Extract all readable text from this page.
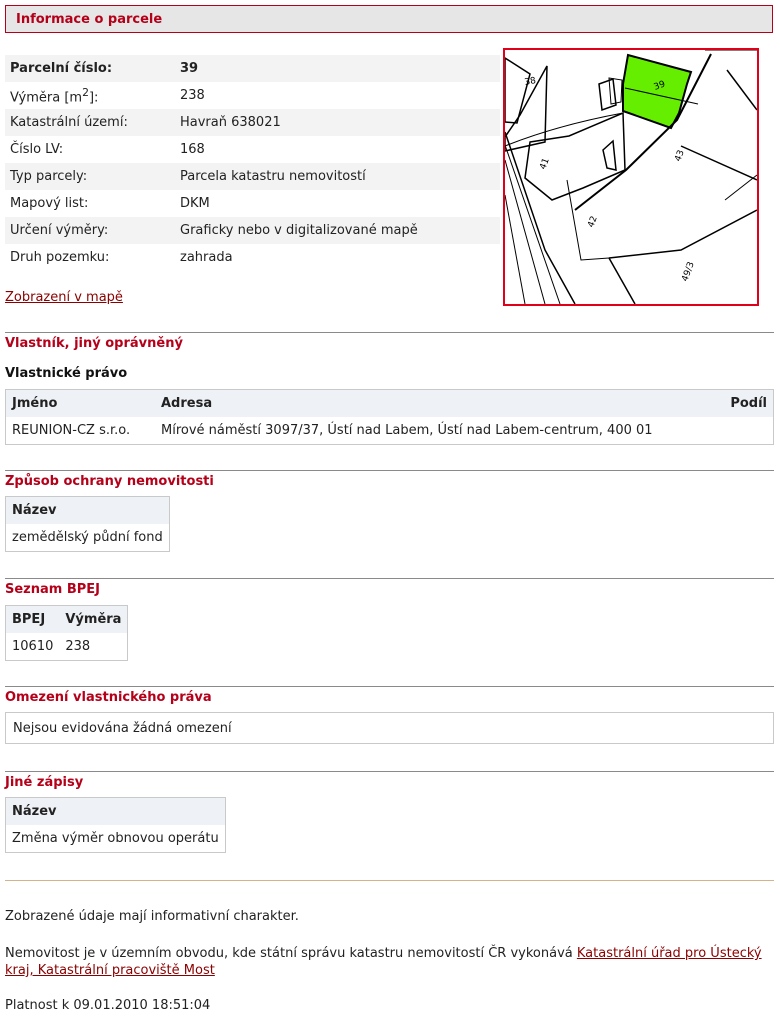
Informace o parcele
Parcelní číslo:	39
Výměra $[m^2]$:	238
Katastrální území:	Havraň 638021
Číslo LV:	168
Typ parcely:	Parcela katastru nemovitostí
Mapový list:	DKM
Určení výměry:	Graficky nebo v digitalizované mapě
Druh pozemku:	zahrada
Zobrazení v mapě
38	39
41
42
43
49/3
Vlastník, jiný oprávněný
Vlastnické právo
Jméno	Adresa	Podíl
REUNION-CZ s.r.o.	Mírové náměstí 3097/37, Ústí nad Labem, Ústí nad Labem-centrum, 400 01	
Způsob ochrany nemovitosti
Název
zemědělský půdní fond
Seznam BPEJ
BPEJ	Výměra
10610	238
Omezení vlastnického práva
Nejsou evidována žádná omezení
Jiné zápisy
Název
Změna výměr obnovou operátu

Zobrazené údaje mají informativní charakter.

Nemovitost je v územním obvodu, kde státní správu katastru nemovitostí ČR vykonává Katastrální úřad pro Ústecký kraj, Katastrální pracoviště Most

Platnost k 09.01.2010 18:51:04
